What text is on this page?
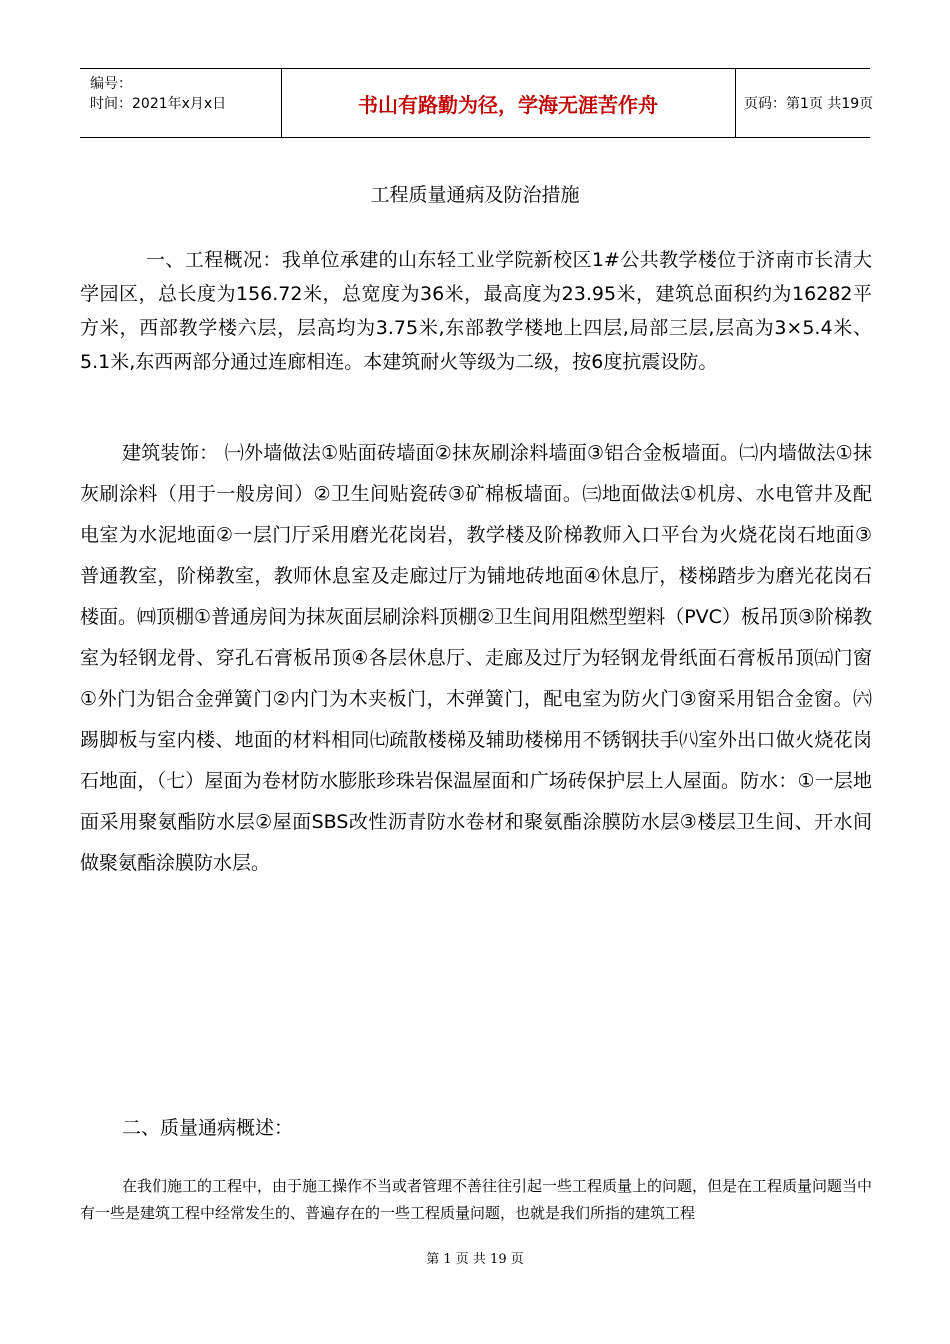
编号：
时间：2021年x月x日	书山有路勤为径，学海无涯苦作舟	页码：第1页 共19页
工程质量通病及防治措施

一、工程概况：我单位承建的山东轻工业学院新校区1#公共教学楼位于济南市长清大学园区，总长度为156.72米，总宽度为36米，最高度为23.95米，建筑总面积约为16282平方米，西部教学楼六层，层高均为3.75米,东部教学楼地上四层,局部三层,层高为3×5.4米、5.1米,东西两部分通过连廊相连。本建筑耐火等级为二级，按6度抗震设防。

建筑装饰： ㈠外墙做法①贴面砖墙面②抹灰刷涂料墙面③铝合金板墙面。㈡内墙做法①抹灰刷涂料（用于一般房间）②卫生间贴瓷砖③矿棉板墙面。㈢地面做法①机房、水电管井及配电室为水泥地面②一层门厅采用磨光花岗岩，教学楼及阶梯教师入口平台为火烧花岗石地面③普通教室，阶梯教室，教师休息室及走廊过厅为铺地砖地面④休息厅，楼梯踏步为磨光花岗石楼面。㈣顶棚①普通房间为抹灰面层刷涂料顶棚②卫生间用阻燃型塑料（PVC）板吊顶③阶梯教室为轻钢龙骨、穿孔石膏板吊顶④各层休息厅、走廊及过厅为轻钢龙骨纸面石膏板吊顶㈤门窗①外门为铝合金弹簧门②内门为木夹板门，木弹簧门，配电室为防火门③窗采用铝合金窗。㈥踢脚板与室内楼、地面的材料相同㈦疏散楼梯及辅助楼梯用不锈钢扶手㈧室外出口做火烧花岗石地面，（七）屋面为卷材防水膨胀珍珠岩保温屋面和广场砖保护层上人屋面。防水：①一层地面采用聚氨酯防水层②屋面SBS改性沥青防水卷材和聚氨酯涂膜防水层③楼层卫生间、开水间做聚氨酯涂膜防水层。

二、质量通病概述：

在我们施工的工程中，由于施工操作不当或者管理不善往往引起一些工程质量上的问题，但是在工程质量问题当中有一些是建筑工程中经常发生的、普遍存在的一些工程质量问题，也就是我们所指的建筑工程

第 1 页 共 19 页
